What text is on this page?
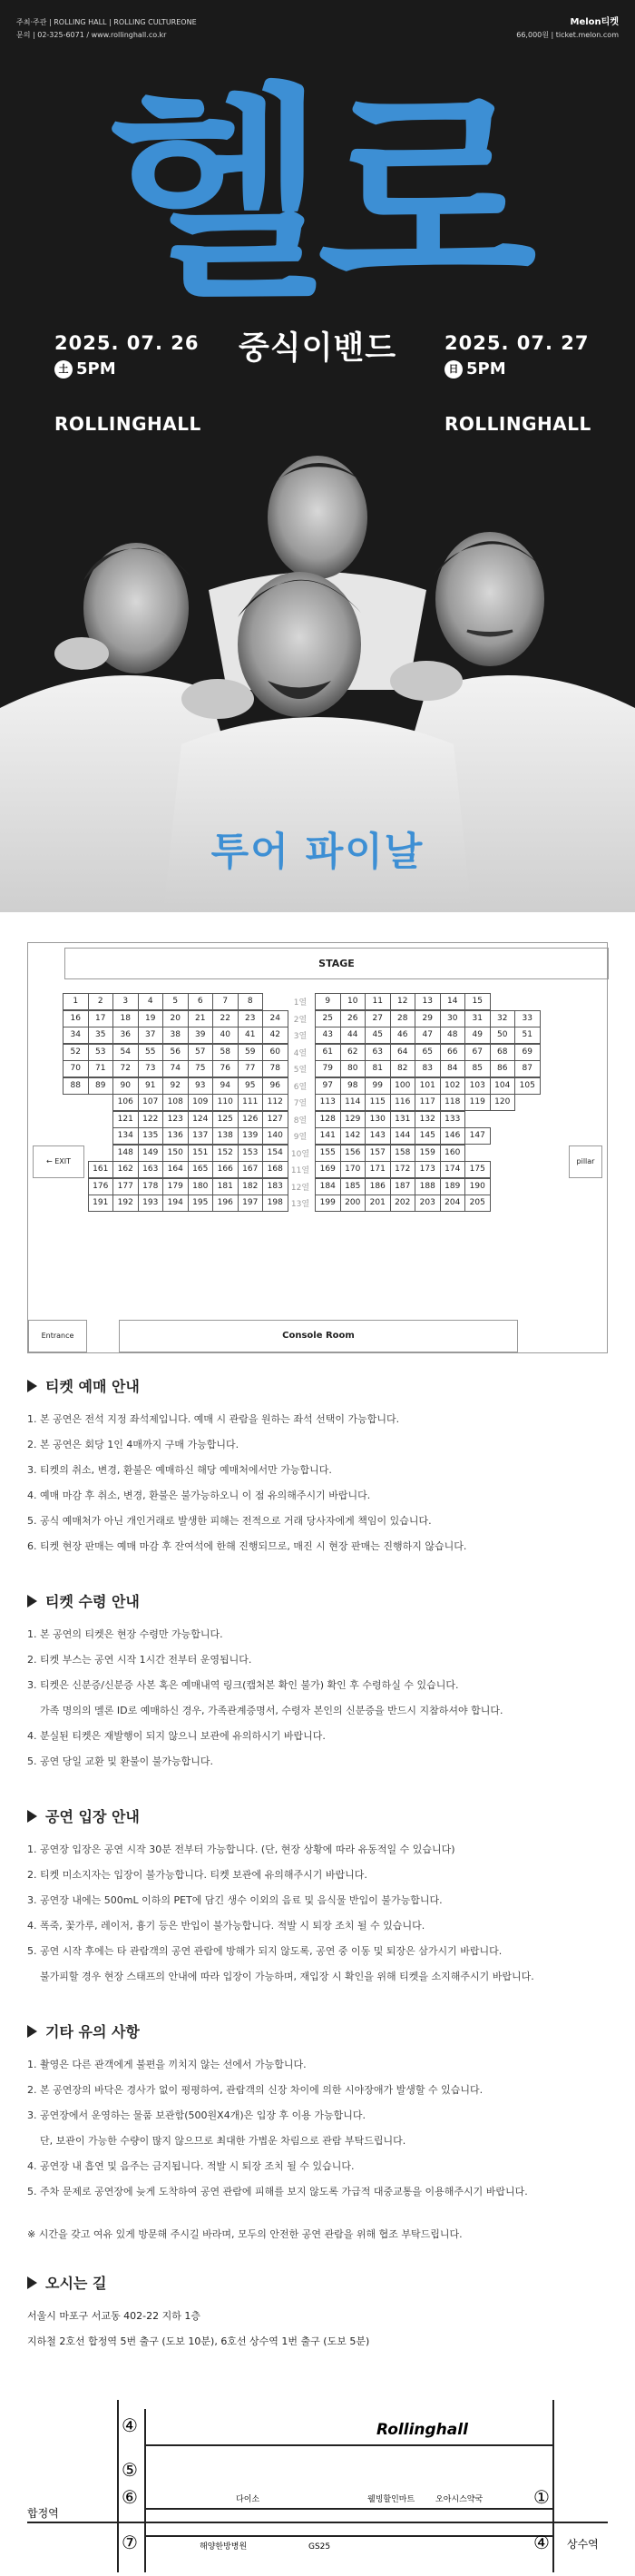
주최·주관 | ROLLING HALL | ROLLING CULTUREONE
문의 | 02-325-6071 / www.rollinghall.co.kr
Melon티켓
66,000원 | ticket.melon.com
헬로
2025. 07. 26
土 5PM
ROLLINGHALL
중식이밴드	2025. 07. 27
日 5PM
ROLLINGHALL
투어 파이날
STAGE
← EXIT	pillar
Entrance	Console Room
1	2	3	4	5	6	7	8	1열	9	10	11	12	13	14	15
16	17	18	19	20	21	22	23	24	2열	25	26	27	28	29	30	31	32	33
34	35	36	37	38	39	40	41	42	3열	43	44	45	46	47	48	49	50	51
52	53	54	55	56	57	58	59	60	4열	61	62	63	64	65	66	67	68	69
70	71	72	73	74	75	76	77	78	5열	79	80	81	82	83	84	85	86	87
88	89	90	91	92	93	94	95	96	6열	97	98	99	100	101	102	103	104	105
106	107	108	109	110	111	112	7열	113	114	115	116	117	118	119	120
121	122	123	124	125	126	127	8열	128	129	130	131	132	133
134	135	136	137	138	139	140	9열	141	142	143	144	145	146	147
148	149	150	151	152	153	154	10열	155	156	157	158	159	160
161	162	163	164	165	166	167	168	11열	169	170	171	172	173	174	175
176	177	178	179	180	181	182	183	12열	184	185	186	187	188	189	190
191	192	193	194	195	196	197	198	13열	199	200	201	202	203	204	205
티켓 예매 안내
1. 본 공연은 전석 지정 좌석제입니다. 예매 시 관람을 원하는 좌석 선택이 가능합니다.
2. 본 공연은 회당 1인 4매까지 구매 가능합니다.
3. 티켓의 취소, 변경, 환불은 예매하신 해당 예매처에서만 가능합니다.
4. 예매 마감 후 취소, 변경, 환불은 불가능하오니 이 점 유의해주시기 바랍니다.
5. 공식 예매처가 아닌 개인거래로 발생한 피해는 전적으로 거래 당사자에게 책임이 있습니다.
6. 티켓 현장 판매는 예매 마감 후 잔여석에 한해 진행되므로, 매진 시 현장 판매는 진행하지 않습니다.
티켓 수령 안내
1. 본 공연의 티켓은 현장 수령만 가능합니다.
2. 티켓 부스는 공연 시작 1시간 전부터 운영됩니다.
3. 티켓은 신분증/신분증 사본 혹은 예매내역 링크(캡처본 확인 불가) 확인 후 수령하실 수 있습니다.
가족 명의의 멜론 ID로 예매하신 경우, 가족관계증명서, 수령자 본인의 신분증을 반드시 지참하셔야 합니다.
4. 분실된 티켓은 재발행이 되지 않으니 보관에 유의하시기 바랍니다.
5. 공연 당일 교환 및 환불이 불가능합니다.
공연 입장 안내
1. 공연장 입장은 공연 시작 30분 전부터 가능합니다. (단, 현장 상황에 따라 유동적일 수 있습니다)
2. 티켓 미소지자는 입장이 불가능합니다. 티켓 보관에 유의해주시기 바랍니다.
3. 공연장 내에는 500mL 이하의 PET에 담긴 생수 이외의 음료 및 음식물 반입이 불가능합니다.
4. 폭죽, 꽃가루, 레이저, 흉기 등은 반입이 불가능합니다. 적발 시 퇴장 조치 될 수 있습니다.
5. 공연 시작 후에는 타 관람객의 공연 관람에 방해가 되지 않도록, 공연 중 이동 및 퇴장은 삼가시기 바랍니다.
불가피할 경우 현장 스태프의 안내에 따라 입장이 가능하며, 재입장 시 확인을 위해 티켓을 소지해주시기 바랍니다.
기타 유의 사항
1. 촬영은 다른 관객에게 불편을 끼치지 않는 선에서 가능합니다.
2. 본 공연장의 바닥은 경사가 없이 평평하여, 관람객의 신장 차이에 의한 시야장애가 발생할 수 있습니다.
3. 공연장에서 운영하는 물품 보관함(500원X4개)은 입장 후 이용 가능합니다.
단, 보관이 가능한 수량이 많지 않으므로 최대한 가볍운 차림으로 관람 부탁드립니다.
4. 공연장 내 흡연 및 음주는 금지됩니다. 적발 시 퇴장 조치 될 수 있습니다.
5. 주차 문제로 공연장에 늦게 도착하여 공연 관람에 피해를 보지 않도록 가급적 대중교통을 이용해주시기 바랍니다.

※ 시간을 갖고 여유 있게 방문해 주시길 바라며, 모두의 안전한 공연 관람을 위해 협조 부탁드립니다.

오시는 길

서울시 마포구 서교동 402-22 지하 1층

지하철 2호선 합정역 5번 출구 (도보 10분), 6호선 상수역 1번 출구 (도보 5분)

Rollinghall
합정역
상수역
다이소
해양한방병원	GS25
웰빙할인마트	오아시스약국
④
⑤
⑥
⑦
①
④
